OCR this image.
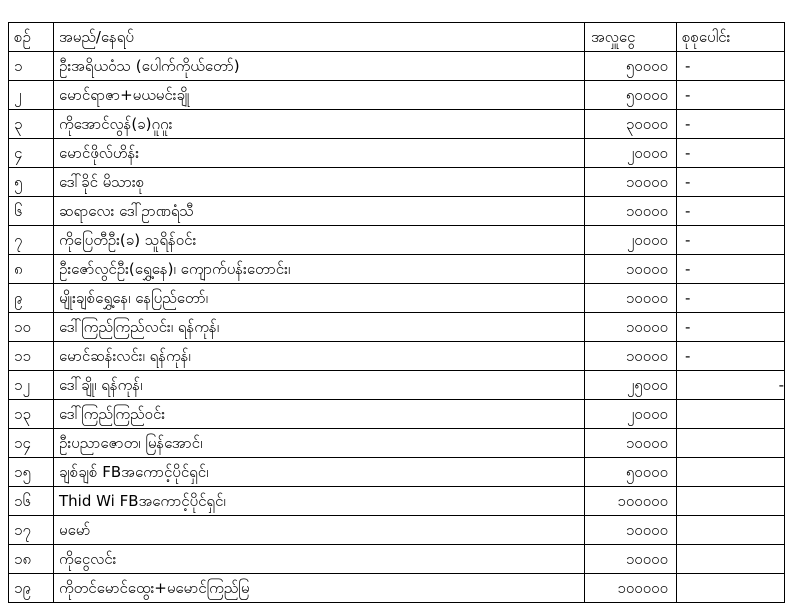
စဉ်	အမည်/နေရပ်	အလှူငွေ	စုစုပေါင်း
၁	ဦးအရိယဝံသ (ပေါက်ကိုယ်တော်)	၅၀၀၀၀	-
၂	မောင်ရာဇာ+မယမင်းချို	၅၀၀၀၀	-
၃	ကိုအောင်လွန်(ခ)ဂူဂူး	၃၀၀၀၀	-
၄	မောင်ဖိုလ်ဟိန်း	၂၀၀၀၀	-
၅	ဒေါ်ခိုင် မိသားစု	၁၀၀၀၀	-
၆	ဆရာလေး ဒေါ်ဥာဏရံသီ	၁၀၀၀၀	-
၇	ကိုပြေတီဦး(ခ) သူရိန်ဝင်း	၂၀၀၀၀	-
၈	ဦးဇော်လွင်ဦး(ရွှေ့နေ)၊ ကျောက်ပန်းတောင်း၊	၁၀၀၀၀	-
၉	မျိုးချစ်ရွှေ့နေ၊ နေပြည်တော်၊	၁၀၀၀၀	-
၁၀	ဒေါ်ကြည်ကြည်လင်း၊ ရန်ကုန်၊	၁၀၀၀၀	-
၁၁	မောင်ဆန်းလင်း၊ ရန်ကုန်၊	၁၀၀၀၀	-
၁၂	ဒေါ်ချို၊ ရန်ကုန်၊	၂၅၀၀၀	-
၁၃	ဒေါ်ကြည်ကြည်ဝင်း	၂၀၀၀၀	
၁၄	ဦးပညာဇောတ၊ မြန်အောင်၊	၁၀၀၀၀	
၁၅	ချစ်ချစ် FBအကောင့်ပိုင်ရှင်၊	၅၀၀၀၀	
၁၆	Thid Wi FBအကောင့်ပိုင်ရှင်၊	၁၀၀၀၀၀	
၁၇	မမော်	၁၀၀၀၀	
၁၈	ကိုငွေလင်း	၁၀၀၀၀	
၁၉	ကိုတင်မောင်ထွေး+မမောင်ကြည်မြ	၁၀၀၀၀၀	
